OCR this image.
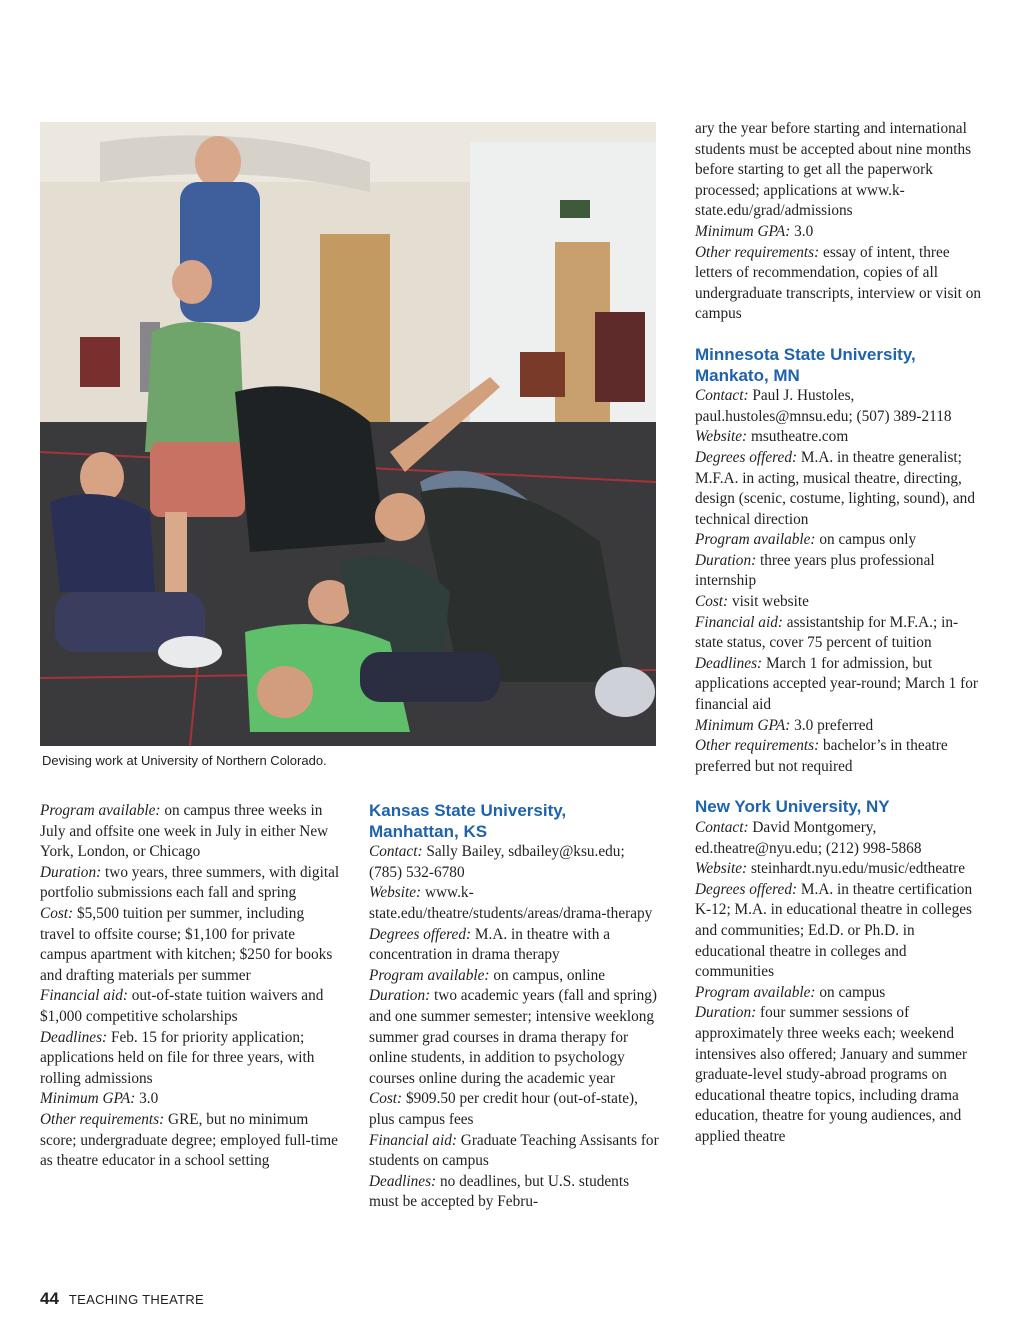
Devising work at University of Northern Colorado.

Program available: on campus three weeks in July and offsite one week in July in either New York, London, or Chicago

Duration: two years, three summers, with digital portfolio submissions each fall and spring

Cost: $5,500 tuition per summer, including travel to offsite course; $1,100 for private campus apartment with kitchen; $250 for books and drafting materials per summer

Financial aid: out-of-state tuition waivers and $1,000 competitive scholarships

Deadlines: Feb. 15 for priority application; applications held on file for three years, with rolling admissions

Minimum GPA: 3.0

Other requirements: GRE, but no minimum score; undergraduate degree; employed full-time as theatre educator in a school setting

Kansas State University, Manhattan, KS

Contact: Sally Bailey, sdbailey@ksu.edu; (785) 532-6780

Website: www.k-state.edu/theatre/students/areas/drama-therapy

Degrees offered: M.A. in theatre with a concentration in drama therapy

Program available: on campus, online

Duration: two academic years (fall and spring) and one summer semester; intensive weeklong summer grad courses in drama therapy for online students, in addition to psychology courses online during the academic year

Cost: $909.50 per credit hour (out-of-state), plus campus fees

Financial aid: Graduate Teaching Assisants for students on campus

Deadlines: no deadlines, but U.S. students must be accepted by Febru-

ary the year before starting and international students must be accepted about nine months before starting to get all the paperwork processed; applications at www.k-state.edu/grad/admissions

Minimum GPA: 3.0

Other requirements: essay of intent, three letters of recommendation, copies of all undergraduate transcripts, interview or visit on campus

Minnesota State University, Mankato, MN

Contact: Paul J. Hustoles, paul.hustoles@mnsu.edu; (507) 389-2118

Website: msutheatre.com

Degrees offered: M.A. in theatre generalist; M.F.A. in acting, musical theatre, directing, design (scenic, costume, lighting, sound), and technical direction

Program available: on campus only

Duration: three years plus professional internship

Cost: visit website

Financial aid: assistantship for M.F.A.; in-state status, cover 75 percent of tuition

Deadlines: March 1 for admission, but applications accepted year-round; March 1 for financial aid

Minimum GPA: 3.0 preferred

Other requirements: bachelor’s in theatre preferred but not required

New York University, NY

Contact: David Montgomery, ed.theatre@nyu.edu; (212) 998-5868

Website: steinhardt.nyu.edu/music/edtheatre

Degrees offered: M.A. in theatre certification K-12; M.A. in educational theatre in colleges and communities; Ed.D. or Ph.D. in educational theatre in colleges and communities

Program available: on campus

Duration: four summer sessions of approximately three weeks each; weekend intensives also offered; January and summer graduate-level study-abroad programs on educational theatre topics, including drama education, theatre for young audiences, and applied theatre

44 TEACHING THEATRE
